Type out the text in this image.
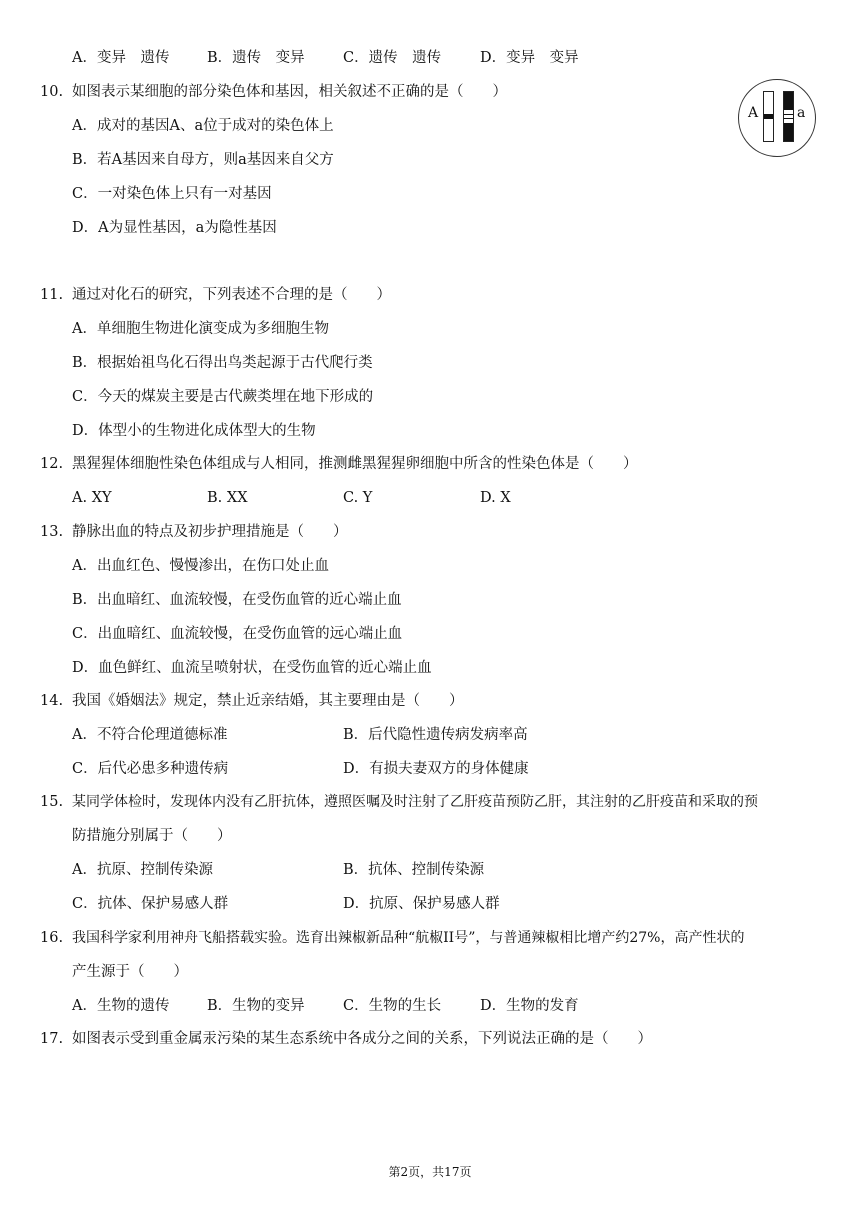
A．变异　遗传	B．遗传　变异	C．遗传　遗传	D．变异　变异
10. 如图表示某细胞的部分染色体和基因，相关叙述不正确的是（　　）
A．成对的基因A、a位于成对的染色体上
B．若A基因来自母方，则a基因来自父方
C．一对染色体上只有一对基因
D．A为显性基因，a为隐性基因
A	a
11. 通过对化石的研究，下列表述不合理的是（　　）
A．单细胞生物进化演变成为多细胞生物
B．根据始祖鸟化石得出鸟类起源于古代爬行类
C．今天的煤炭主要是古代蕨类埋在地下形成的
D．体型小的生物进化成体型大的生物
12. 黑猩猩体细胞性染色体组成与人相同，推测雌黑猩猩卵细胞中所含的性染色体是（　　）
A. XY	B. XX	C. Y	D. X
13. 静脉出血的特点及初步护理措施是（　　）
A．出血红色、慢慢渗出，在伤口处止血
B．出血暗红、血流较慢，在受伤血管的近心端止血
C．出血暗红、血流较慢，在受伤血管的远心端止血
D．血色鲜红、血流呈喷射状，在受伤血管的近心端止血
14. 我国《婚姻法》规定，禁止近亲结婚，其主要理由是（　　）
A．不符合伦理道德标准	B．后代隐性遗传病发病率高
C．后代必患多种遗传病	D．有损夫妻双方的身体健康
15. 某同学体检时，发现体内没有乙肝抗体，遵照医嘱及时注射了乙肝疫苗预防乙肝，其注射的乙肝疫苗和采取的预
防措施分别属于（　　）
A．抗原、控制传染源	B．抗体、控制传染源
C．抗体、保护易感人群	D．抗原、保护易感人群
16. 我国科学家利用神舟飞船搭载实验。选育出辣椒新品种“航椒II号”，与普通辣椒相比增产约27%，高产性状的
产生源于（　　）
A．生物的遗传	B．生物的变异	C．生物的生长	D．生物的发育
17. 如图表示受到重金属汞污染的某生态系统中各成分之间的关系，下列说法正确的是（　　）
第2页，共17页
